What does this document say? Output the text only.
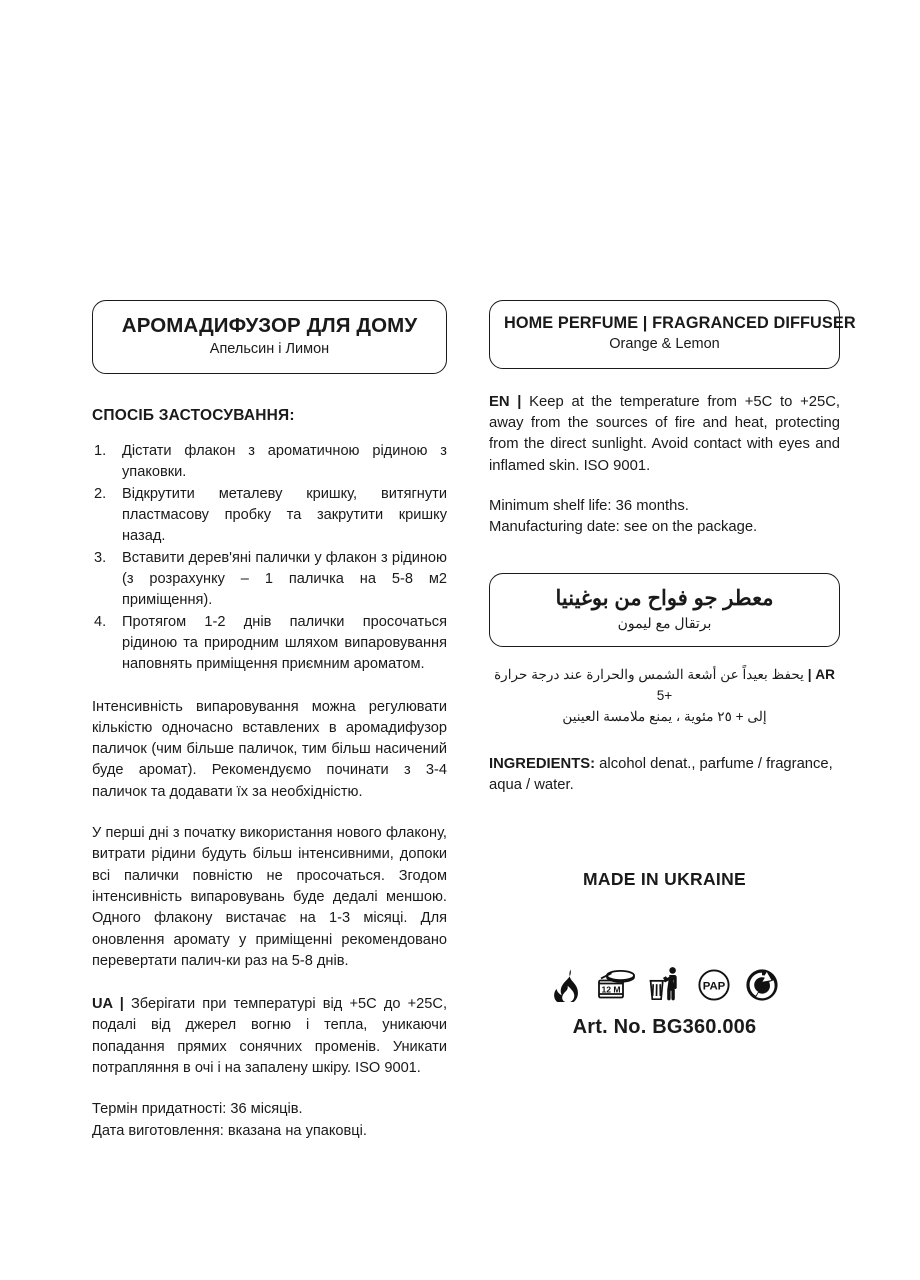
АРОМАДИФУЗОР ДЛЯ ДОМУ
Апельсин і Лимон
СПОСІБ ЗАСТОСУВАННЯ:
Дістати флакон з ароматичною рідиною з упаковки.
Відкрутити металеву кришку, витягнути пластмасову пробку та закрутити кришку назад.
Вставити дерев'яні палички у флакон з рідиною (з розрахунку – 1 паличка на 5-8 м2 приміщення).
Протягом 1-2 днів палички просочаться рідиною та природним шляхом випаровування наповнять приміщення приємним ароматом.

Інтенсивність випаровування можна регулювати кількістю одночасно вставлених в аромадифузор паличок (чим більше паличок, тим більш насичений буде аромат). Рекомендуємо починати з 3-4 паличок та додавати їх за необхідністю.

У перші дні з початку використання нового флакону, витрати рідини будуть більш інтенсивними, допоки всі палички повністю не просочаться. Згодом інтенсивність випаровувань буде дедалі меншою. Одного флакону вистачає на 1-3 місяці. Для оновлення аромату у приміщенні рекомендовано перевертати палич-ки раз на 5-8 днів.

UA | Зберігати при температурі від +5C до +25C, подалі від джерел вогню і тепла, уникаючи попадання прямих сонячних променів. Уникати потрапляння в очі і на запалену шкіру. ISO 9001.

Термін придатності: 36 місяців.
Дата виготовлення: вказана на упаковці.

HOME PERFUME | FRAGRANCED DIFFUSER
Orange & Lemon

EN | Keep at the temperature from +5C to +25C, away from the sources of fire and heat, protecting from the direct sunlight. Avoid contact with eyes and inflamed skin. ISO 9001.

Minimum shelf life: 36 months.
Manufacturing date: see on the package.

معطر جو فواح من بوغينيا
برتقال مع ليمون
AR | يحفظ بعيداً عن أشعة الشمس والحرارة عند درجة حرارة +5
إلى + ٢٥ مئوية ، يمنع ملامسة العينين

INGREDIENTS: alcohol denat., parfume / fragrance, aqua / water.

MADE IN UKRAINE
12 M	PAP
Art. No. BG360.006
